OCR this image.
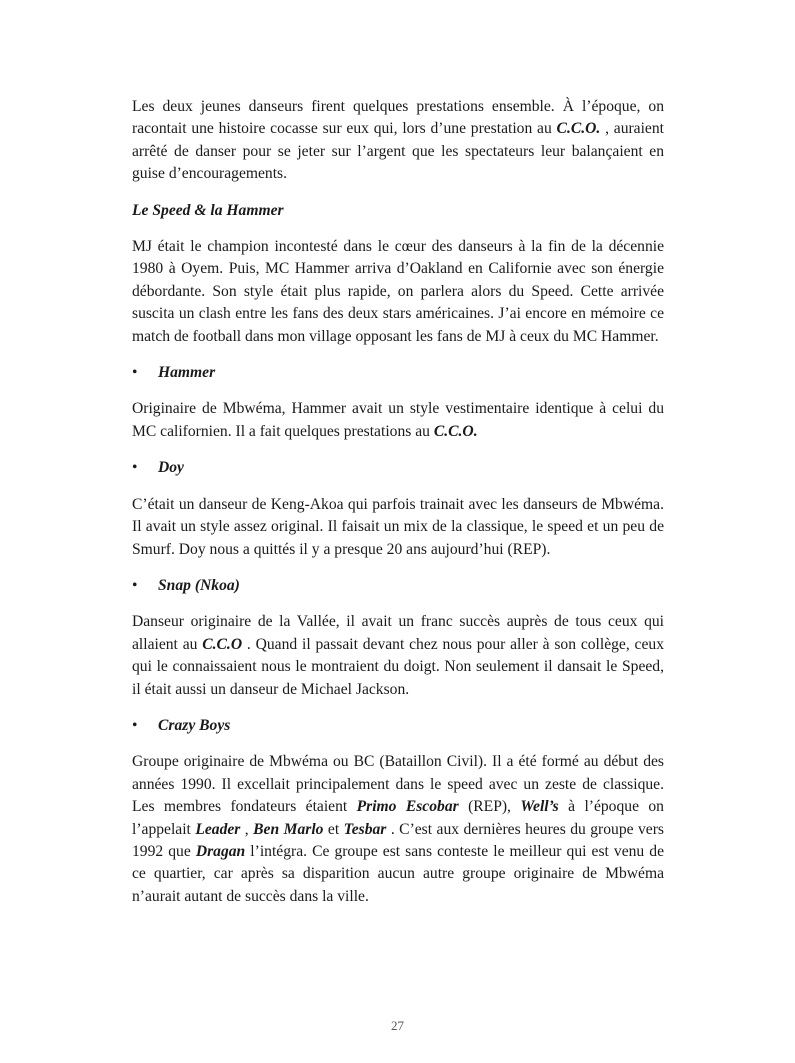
Les deux jeunes danseurs firent quelques prestations ensemble. À l’époque, on racontait une histoire cocasse sur eux qui, lors d’une prestation au C.C.O. , auraient arrêté de danser pour se jeter sur l’argent que les spectateurs leur balançaient en guise d’encouragements.

Le Speed & la Hammer

MJ était le champion incontesté dans le cœur des danseurs à la fin de la décennie 1980 à Oyem. Puis, MC Hammer arriva d’Oakland en Californie avec son énergie débordante. Son style était plus rapide, on parlera alors du Speed. Cette arrivée suscita un clash entre les fans des deux stars américaines. J’ai encore en mémoire ce match de football dans mon village opposant les fans de MJ à ceux du MC Hammer.

•	Hammer

Originaire de Mbwéma, Hammer avait un style vestimentaire identique à celui du MC californien. Il a fait quelques prestations au C.C.O.

•	Doy

C’était un danseur de Keng-Akoa qui parfois trainait avec les danseurs de Mbwéma. Il avait un style assez original. Il faisait un mix de la classique, le speed et un peu de Smurf. Doy nous a quittés il y a presque 20 ans aujourd’hui (REP).

•	Snap (Nkoa)

Danseur originaire de la Vallée, il avait un franc succès auprès de tous ceux qui allaient au C.C.O . Quand il passait devant chez nous pour aller à son collège, ceux qui le connaissaient nous le montraient du doigt. Non seulement il dansait le Speed, il était aussi un danseur de Michael Jackson.

•	Crazy Boys

Groupe originaire de Mbwéma ou BC (Bataillon Civil). Il a été formé au début des années 1990. Il excellait principalement dans le speed avec un zeste de classique. Les membres fondateurs étaient Primo Escobar (REP), Well’s à l’époque on l’appelait Leader , Ben Marlo et Tesbar . C’est aux dernières heures du groupe vers 1992 que Dragan l’intégra. Ce groupe est sans conteste le meilleur qui est venu de ce quartier, car après sa disparition aucun autre groupe originaire de Mbwéma n’aurait autant de succès dans la ville.

27
